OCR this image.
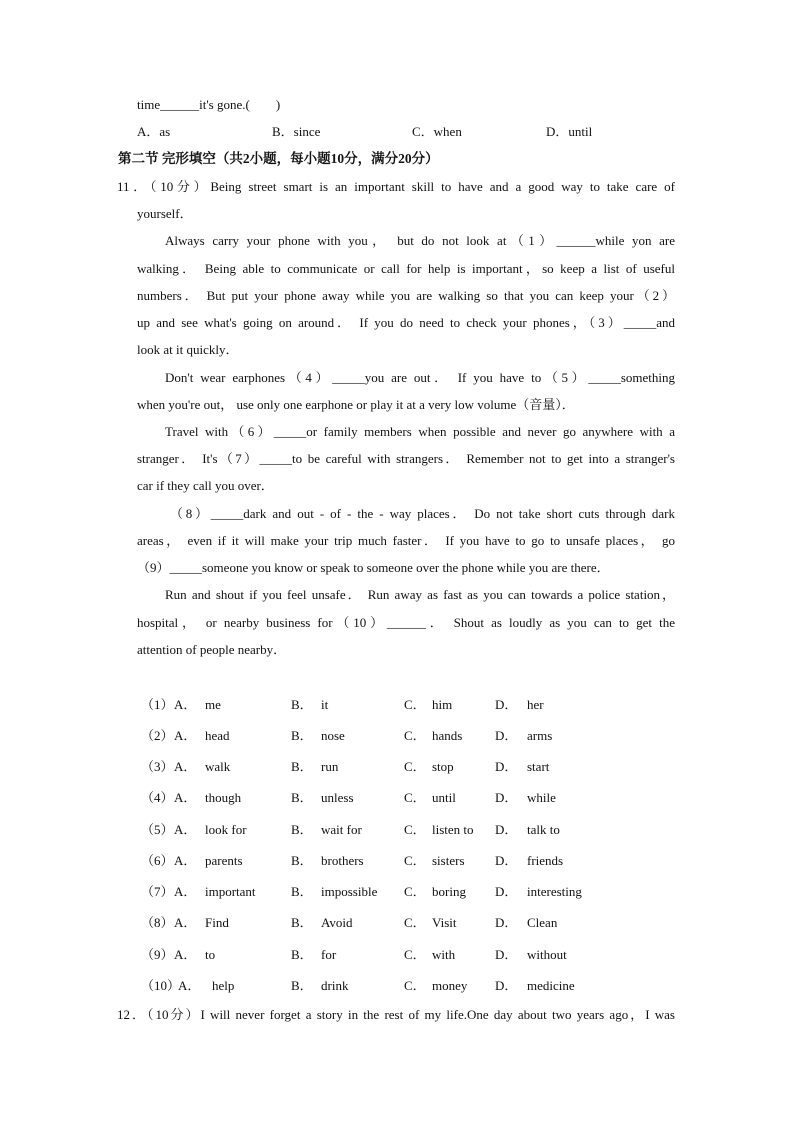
time______it's gone.(　　)
A．as	B．since	C．when	D．until
第二节 完形填空（共2小题，每小题10分，满分20分）
11．（10分）Being street smart is an important skill to have and a good way to take care of
yourself．
Always carry your phone with you， but do not look at（1）______while yon are
walking． Being able to communicate or call for help is important，so keep a list of useful
numbers． But put your phone away while you are walking so that you can keep your（2）
up and see what's going on around． If you do need to check your phones，（3）_____and
look at it quickly．
Don't wear earphones（4）_____you are out． If you have to（5）_____something
when you're out， use only one earphone or play it at a very low volume（音量）．
Travel with（6）_____or family members when possible and never go anywhere with a
stranger． It's（7）_____to be careful with strangers． Remember not to get into a stranger's
car if they call you over．
（8）_____dark and out - of - the - way places． Do not take short cuts through dark
areas， even if it will make your trip much faster． If you have to go to unsafe places， go
（9）_____someone you know or speak to someone over the phone while you are there．
Run and shout if you feel unsafe． Run away as fast as you can towards a police station，
hospital， or nearby business for（10）______． Shout as loudly as you can to get the
attention of people nearby．
（1） A． me	B． it	C． him	D． her
（2） A． head	B． nose	C． hands	D． arms
（3） A． walk	B． run	C． stop	D． start
（4） A． though	B． unless	C． until	D． while
（5） A． look for	B． wait for	C． listen to D． talk to
（6） A． parents	B． brothers	C． sisters D． friends
（7） A． important	B． impossible C． boring D． interesting
（8） A． Find	B． Avoid	C． Visit	D． Clean
（9） A． to	B． for	C． with	D． without
（10）
A． help	B． drink	C． money D． medicine
12．（10分）I will never forget a story in the rest of my life.One day about two years ago，I was
